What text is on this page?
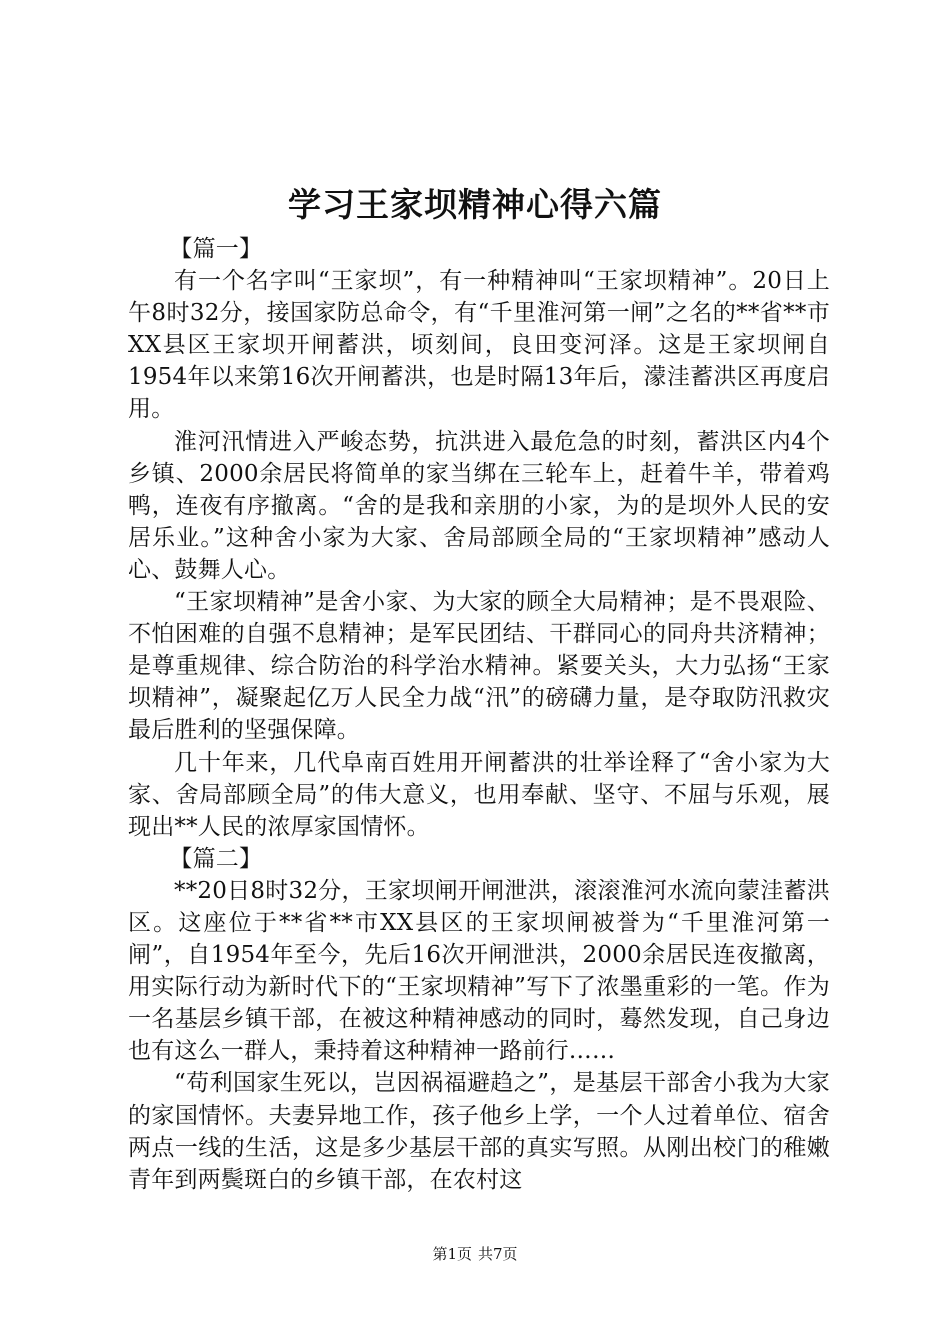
学习王家坝精神心得六篇

【篇一】

有一个名字叫“王家坝”，有一种精神叫“王家坝精神”。20日上午8时32分，接国家防总命令，有“千里淮河第一闸”之名的**省**市XX县区王家坝开闸蓄洪，顷刻间，良田变河泽。这是王家坝闸自1954年以来第16次开闸蓄洪，也是时隔13年后，濛洼蓄洪区再度启用。

淮河汛情进入严峻态势，抗洪进入最危急的时刻，蓄洪区内4个乡镇、2000余居民将简单的家当绑在三轮车上，赶着牛羊，带着鸡鸭，连夜有序撤离。“舍的是我和亲朋的小家，为的是坝外人民的安居乐业。”这种舍小家为大家、舍局部顾全局的“王家坝精神”感动人心、鼓舞人心。

“王家坝精神”是舍小家、为大家的顾全大局精神；是不畏艰险、不怕困难的自强不息精神；是军民团结、干群同心的同舟共济精神；是尊重规律、综合防治的科学治水精神。紧要关头，大力弘扬“王家坝精神”，凝聚起亿万人民全力战“汛”的磅礴力量，是夺取防汛救灾最后胜利的坚强保障。

几十年来，几代阜南百姓用开闸蓄洪的壮举诠释了“舍小家为大家、舍局部顾全局”的伟大意义，也用奉献、坚守、不屈与乐观，展现出**人民的浓厚家国情怀。

【篇二】

**20日8时32分，王家坝闸开闸泄洪，滚滚淮河水流向蒙洼蓄洪区。这座位于**省**市XX县区的王家坝闸被誉为“千里淮河第一闸”，自1954年至今，先后16次开闸泄洪，2000余居民连夜撤离，用实际行动为新时代下的“王家坝精神”写下了浓墨重彩的一笔。作为一名基层乡镇干部，在被这种精神感动的同时，蓦然发现，自己身边也有这么一群人，秉持着这种精神一路前行……

“苟利国家生死以，岂因祸福避趋之”，是基层干部舍小我为大家的家国情怀。夫妻异地工作，孩子他乡上学，一个人过着单位、宿舍两点一线的生活，这是多少基层干部的真实写照。从刚出校门的稚嫩青年到两鬓斑白的乡镇干部，在农村这

第1页 共7页
